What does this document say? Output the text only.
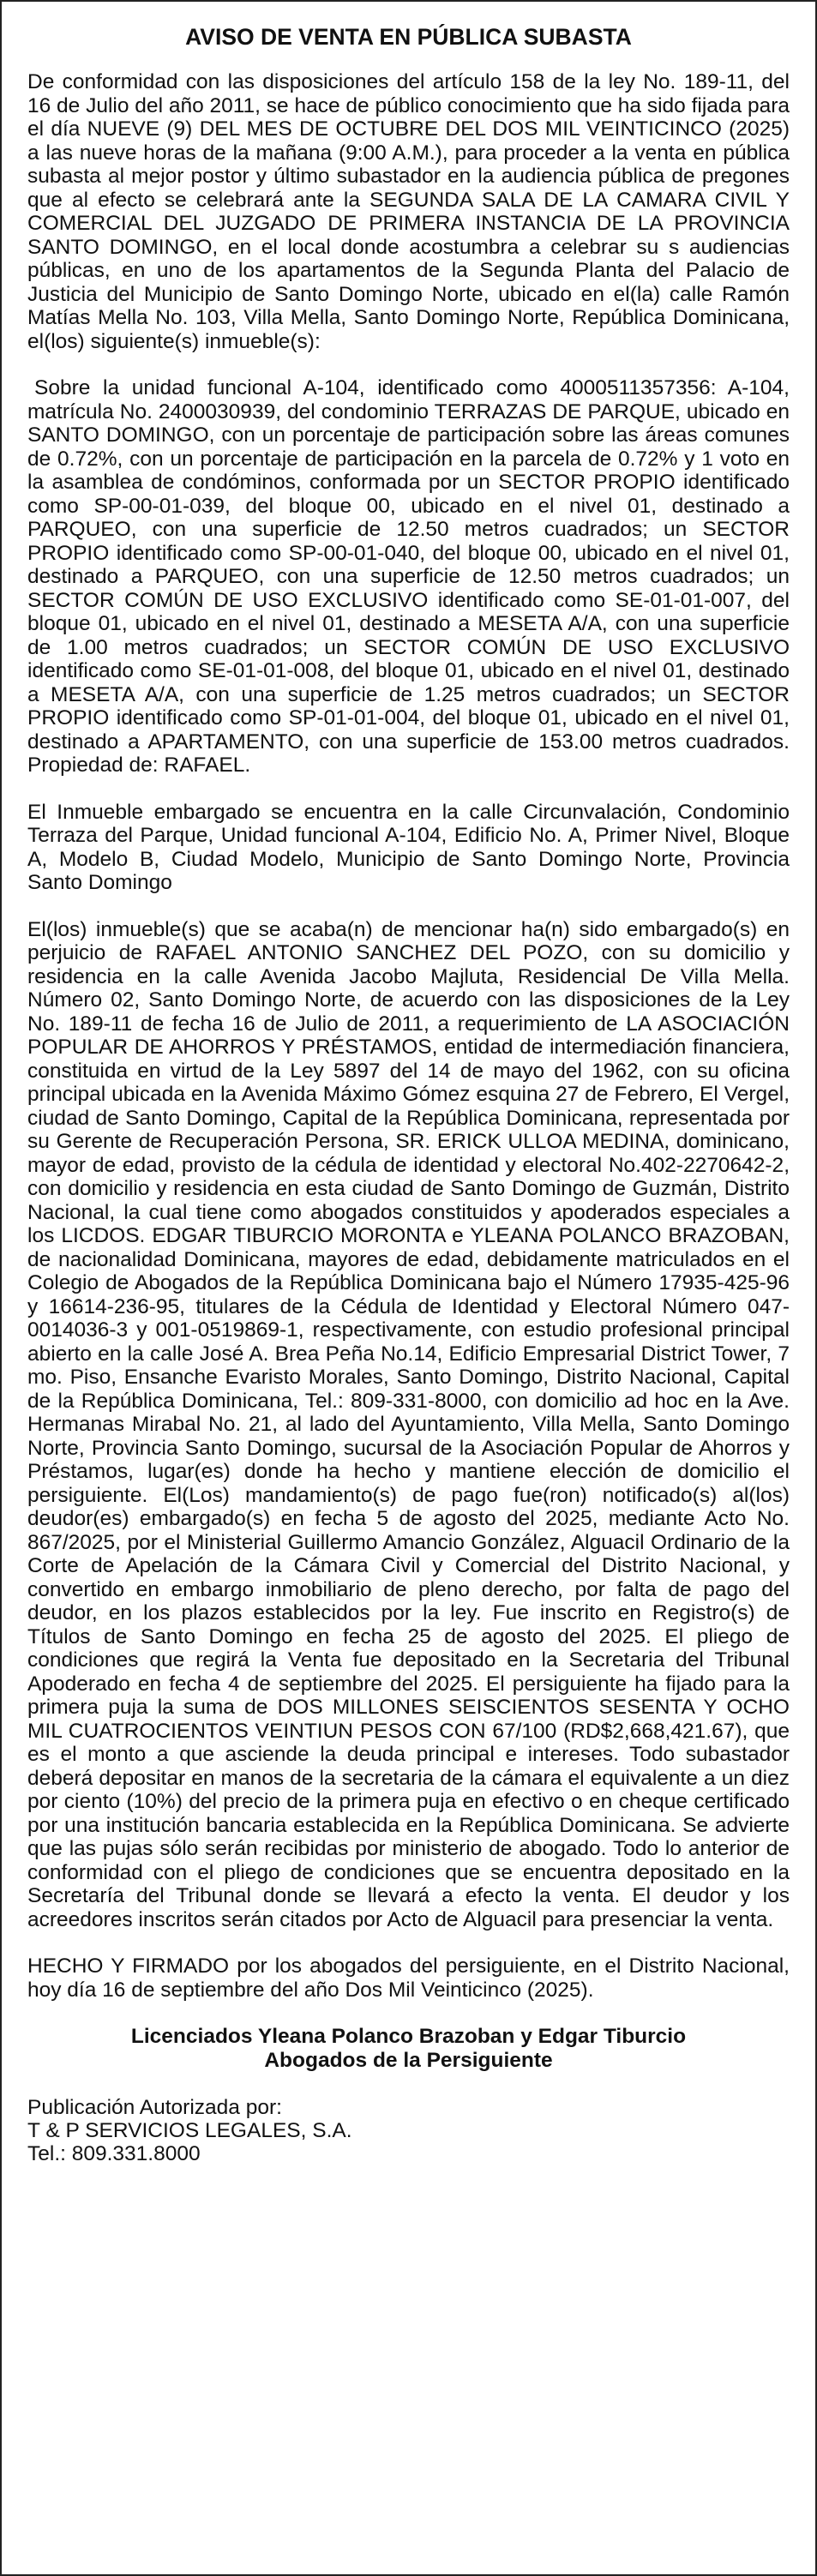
AVISO DE VENTA EN PÚBLICA SUBASTA
De conformidad con las disposiciones del artículo 158 de la ley No. 189-11, del 16 de Julio del año 2011, se hace de público conocimiento que ha sido fijada para el día NUEVE (9) DEL MES DE OCTUBRE DEL DOS MIL VEINTICINCO (2025) a las nueve horas de la mañana (9:00 A.M.), para proceder a la venta en pública subasta al mejor postor y último subastador en la audiencia pública de pregones que al efecto se celebrará ante la SEGUNDA SALA DE LA CAMARA CIVIL Y COMERCIAL DEL JUZGADO DE PRIMERA INSTANCIA DE LA PROVINCIA SANTO DOMINGO, en el local donde acostumbra a celebrar su s audiencias públicas, en uno de los apartamentos de la Segunda Planta del Palacio de Justicia del Municipio de Santo Domingo Norte, ubicado en el(la) calle Ramón Matías Mella No. 103, Villa Mella, Santo Domingo Norte, República Dominicana, el(los) siguiente(s) inmueble(s):
Sobre la unidad funcional A-104, identificado como 4000511357356: A-104, matrícula No. 2400030939, del condominio TERRAZAS DE PARQUE, ubicado en SANTO DOMINGO, con un porcentaje de participación sobre las áreas comunes de 0.72%, con un porcentaje de participación en la parcela de 0.72% y 1 voto en la asamblea de condóminos, conformada por un SECTOR PROPIO identificado como SP-00-01-039, del bloque 00, ubicado en el nivel 01, destinado a PARQUEO, con una superficie de 12.50 metros cuadrados; un SECTOR PROPIO identificado como SP-00-01-040, del bloque 00, ubicado en el nivel 01, destinado a PARQUEO, con una superficie de 12.50 metros cuadrados; un SECTOR COMÚN DE USO EXCLUSIVO identificado como SE-01-01-007, del bloque 01, ubicado en el nivel 01, destinado a MESETA A/A, con una superficie de 1.00 metros cuadrados; un SECTOR COMÚN DE USO EXCLUSIVO identificado como SE-01-01-008, del bloque 01, ubicado en el nivel 01, destinado a MESETA A/A, con una superficie de 1.25 metros cuadrados; un SECTOR PROPIO identificado como SP-01-01-004, del bloque 01, ubicado en el nivel 01, destinado a APARTAMENTO, con una superficie de 153.00 metros cuadrados. Propiedad de: RAFAEL.
El Inmueble embargado se encuentra en la calle Circunvalación, Condominio Terraza del Parque, Unidad funcional A-104, Edificio No. A, Primer Nivel, Bloque A, Modelo B, Ciudad Modelo, Municipio de Santo Domingo Norte, Provincia Santo Domingo
El(los) inmueble(s) que se acaba(n) de mencionar ha(n) sido embargado(s) en perjuicio de RAFAEL ANTONIO SANCHEZ DEL POZO, con su domicilio y residencia en la calle Avenida Jacobo Majluta, Residencial De Villa Mella. Número 02, Santo Domingo Norte, de acuerdo con las disposiciones de la Ley No. 189-11 de fecha 16 de Julio de 2011, a requerimiento de LA ASOCIACIÓN POPULAR DE AHORROS Y PRÉSTAMOS, entidad de intermediación financiera, constituida en virtud de la Ley 5897 del 14 de mayo del 1962, con su oficina principal ubicada en la Avenida Máximo Gómez esquina 27 de Febrero, El Vergel, ciudad de Santo Domingo, Capital de la República Dominicana, representada por su Gerente de Recuperación Persona, SR. ERICK ULLOA MEDINA, dominicano, mayor de edad, provisto de la cédula de identidad y electoral No.402-2270642-2, con domicilio y residencia en esta ciudad de Santo Domingo de Guzmán, Distrito Nacional, la cual tiene como abogados constituidos y apoderados especiales a los LICDOS. EDGAR TIBURCIO MORONTA e YLEANA POLANCO BRAZOBAN, de nacionalidad Dominicana, mayores de edad, debidamente matriculados en el Colegio de Abogados de la República Dominicana bajo el Número 17935-425-96 y 16614-236-95, titulares de la Cédula de Identidad y Electoral Número 047-0014036-3 y 001-0519869-1, respectivamente, con estudio profesional principal abierto en la calle José A. Brea Peña No.14, Edificio Empresarial District Tower, 7 mo. Piso, Ensanche Evaristo Morales, Santo Domingo, Distrito Nacional, Capital de la República Dominicana, Tel.: 809-331-8000, con domicilio ad hoc en la Ave. Hermanas Mirabal No. 21, al lado del Ayuntamiento, Villa Mella, Santo Domingo Norte, Provincia Santo Domingo, sucursal de la Asociación Popular de Ahorros y Préstamos, lugar(es) donde ha hecho y mantiene elección de domicilio el persiguiente. El(Los) mandamiento(s) de pago fue(ron) notificado(s) al(los) deudor(es) embargado(s) en fecha 5 de agosto del 2025, mediante Acto No. 867/2025, por el Ministerial Guillermo Amancio González, Alguacil Ordinario de la Corte de Apelación de la Cámara Civil y Comercial del Distrito Nacional, y convertido en embargo inmobiliario de pleno derecho, por falta de pago del deudor, en los plazos establecidos por la ley. Fue inscrito en Registro(s) de Títulos de Santo Domingo en fecha 25 de agosto del 2025. El pliego de condiciones que regirá la Venta fue depositado en la Secretaria del Tribunal Apoderado en fecha 4 de septiembre del 2025. El persiguiente ha fijado para la primera puja la suma de DOS MILLONES SEISCIENTOS SESENTA Y OCHO MIL CUATROCIENTOS VEINTIUN PESOS CON 67/100 (RD$2,668,421.67), que es el monto a que asciende la deuda principal e intereses. Todo subastador deberá depositar en manos de la secretaria de la cámara el equivalente a un diez por ciento (10%) del precio de la primera puja en efectivo o en cheque certificado por una institución bancaria establecida en la República Dominicana. Se advierte que las pujas sólo serán recibidas por ministerio de abogado. Todo lo anterior de conformidad con el pliego de condiciones que se encuentra depositado en la Secretaría del Tribunal donde se llevará a efecto la venta. El deudor y los acreedores inscritos serán citados por Acto de Alguacil para presenciar la venta.
HECHO Y FIRMADO por los abogados del persiguiente, en el Distrito Nacional, hoy día 16 de septiembre del año Dos Mil Veinticinco (2025).
Licenciados Yleana Polanco Brazoban y Edgar Tiburcio
Abogados de la Persiguiente
Publicación Autorizada por:
T & P SERVICIOS LEGALES, S.A.
Tel.: 809.331.8000
